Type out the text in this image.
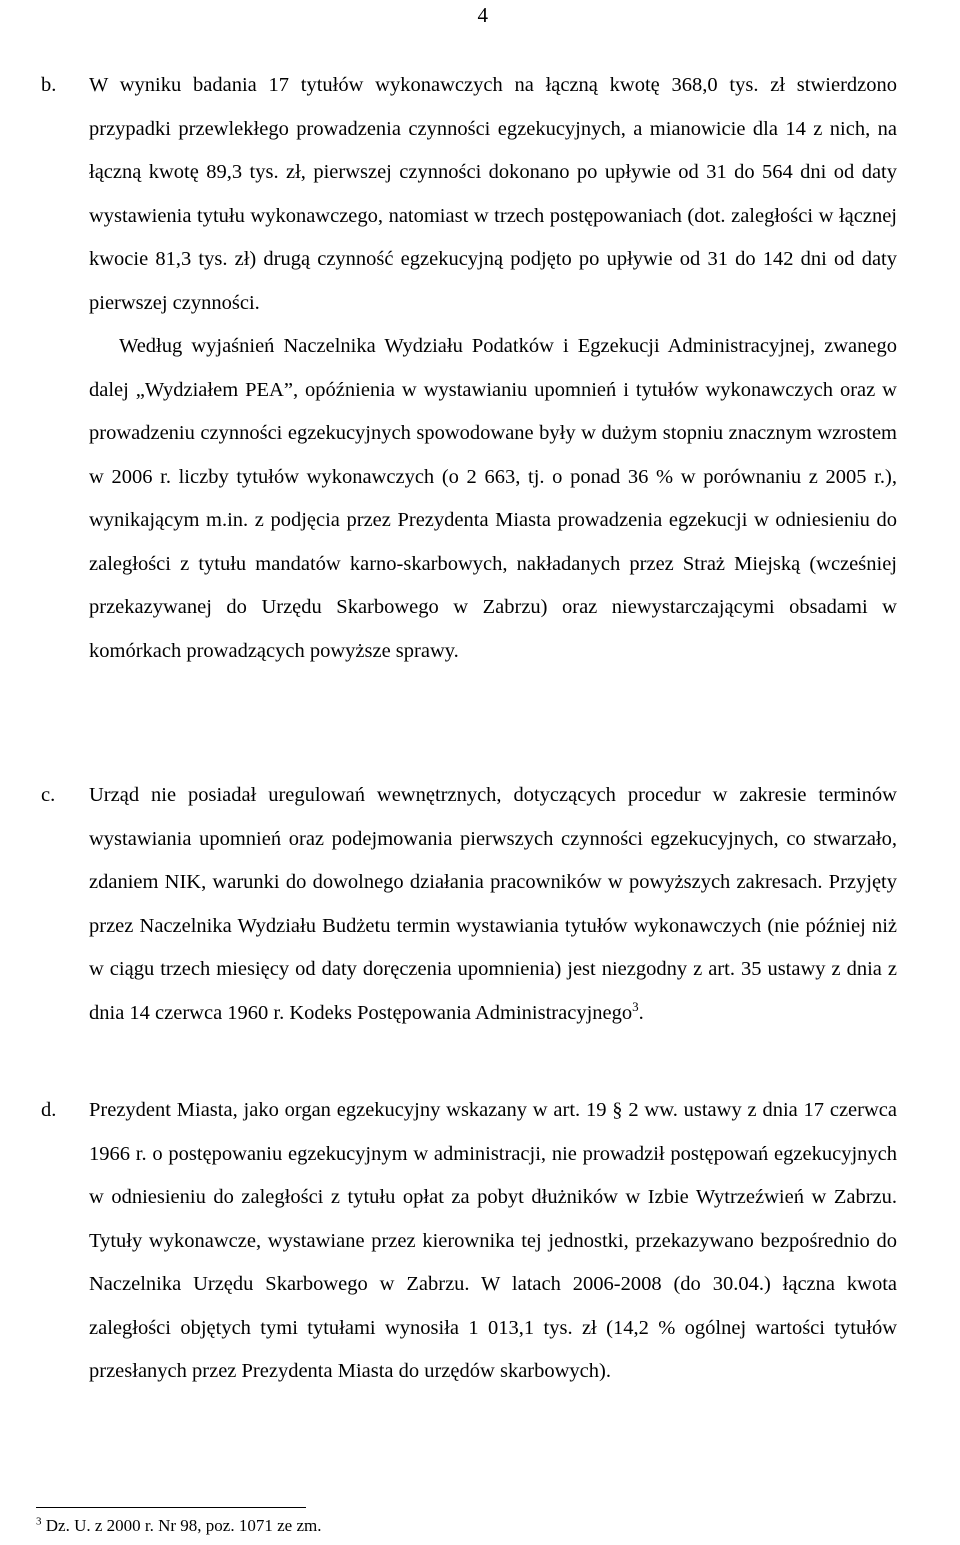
4
b. W wyniku badania 17 tytułów wykonawczych na łączną kwotę 368,0 tys. zł stwierdzono przypadki przewlekłego prowadzenia czynności egzekucyjnych, a mianowicie dla 14 z nich, na łączną kwotę 89,3 tys. zł, pierwszej czynności dokonano po upływie od 31 do 564 dni od daty wystawienia tytułu wykonawczego, natomiast w trzech postępowaniach (dot. zaległości w łącznej kwocie 81,3 tys. zł) drugą czynność egzekucyjną podjęto po upływie od 31 do 142 dni od daty pierwszej czynności.

Według wyjaśnień Naczelnika Wydziału Podatków i Egzekucji Administracyjnej, zwanego dalej „Wydziałem PEA”, opóźnienia w wystawianiu upomnień i tytułów wykonawczych oraz w prowadzeniu czynności egzekucyjnych spowodowane były w dużym stopniu znacznym wzrostem w 2006 r. liczby tytułów wykonawczych (o 2 663, tj. o ponad 36 % w porównaniu z 2005 r.), wynikającym m.in. z podjęcia przez Prezydenta Miasta prowadzenia egzekucji w odniesieniu do zaległości z tytułu mandatów karno-skarbowych, nakładanych przez Straż Miejską (wcześniej przekazywanej do Urzędu Skarbowego w Zabrzu) oraz niewystarczającymi obsadami w komórkach prowadzących powyższe sprawy.

c. Urząd nie posiadał uregulowań wewnętrznych, dotyczących procedur w zakresie terminów wystawiania upomnień oraz podejmowania pierwszych czynności egzekucyjnych, co stwarzało, zdaniem NIK, warunki do dowolnego działania pracowników w powyższych zakresach. Przyjęty przez Naczelnika Wydziału Budżetu termin wystawiania tytułów wykonawczych (nie później niż w ciągu trzech miesięcy od daty doręczenia upomnienia) jest niezgodny z art. 35 ustawy z dnia z dnia 14 czerwca 1960 r. Kodeks Postępowania Administracyjnego$^3$.

d. Prezydent Miasta, jako organ egzekucyjny wskazany w art. 19 § 2 ww. ustawy z dnia 17 czerwca 1966 r. o postępowaniu egzekucyjnym w administracji, nie prowadził postępowań egzekucyjnych w odniesieniu do zaległości z tytułu opłat za pobyt dłużników w Izbie Wytrzeźwień w Zabrzu. Tytuły wykonawcze, wystawiane przez kierownika tej jednostki, przekazywano bezpośrednio do Naczelnika Urzędu Skarbowego w Zabrzu. W latach 2006-2008 (do 30.04.) łączna kwota zaległości objętych tymi tytułami wynosiła 1 013,1 tys. zł (14,2 % ogólnej wartości tytułów przesłanych przez Prezydenta Miasta do urzędów skarbowych).

$^3$ Dz. U. z 2000 r. Nr 98, poz. 1071 ze zm.
